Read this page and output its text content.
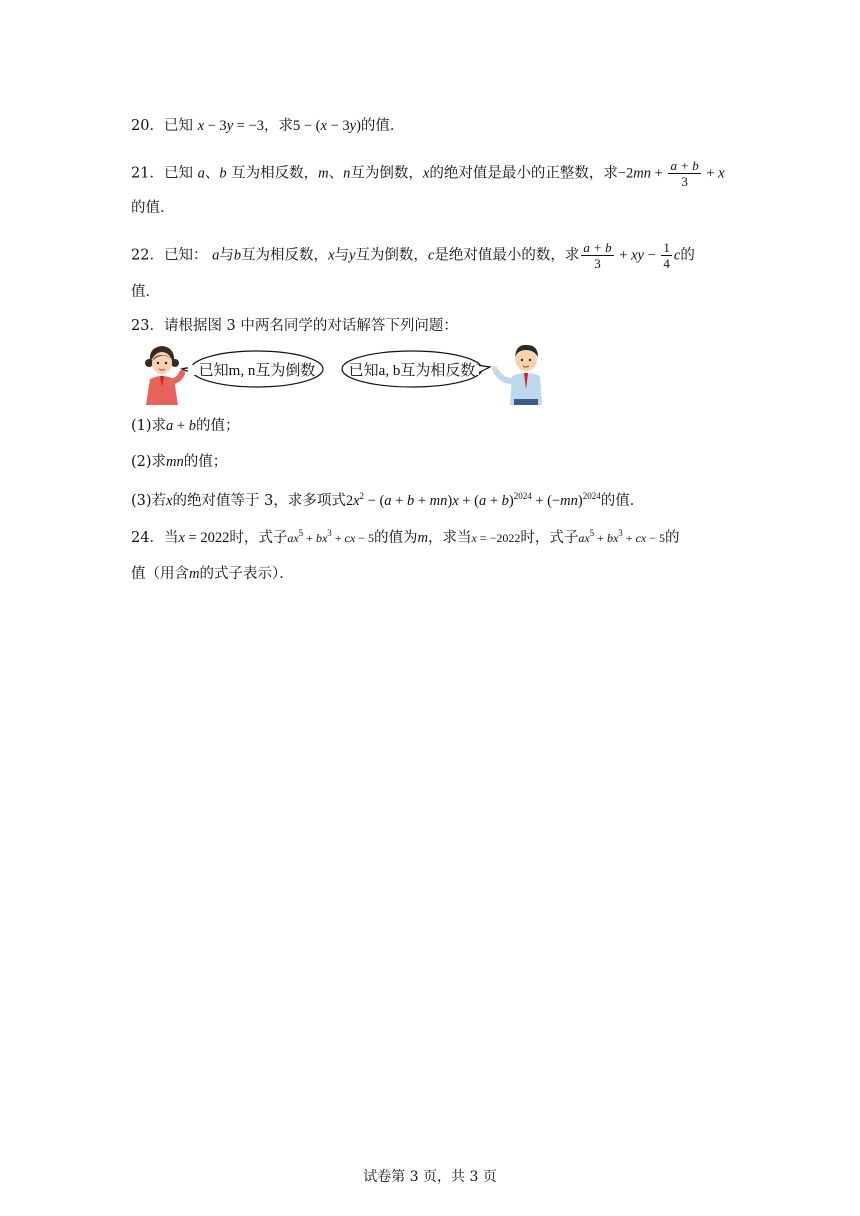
20．已知 x − 3y = −3，求5 − (x − 3y)的值．
21．已知 a、b 互为相反数，m、n互为倒数，x的绝对值是最小的正整数，求$-2mn + \frac{a + b}{3} + x$
的值．
22．已知： a与b互为相反数，x与y互为倒数，c是绝对值最小的数，求 $\frac{a + b}{3}$ + xy − $\frac{1}{4}$ c的
值．
23．请根据图 3 中两名同学的对话解答下列问题：
已知m, n互为倒数 已知a, b互为相反数
(1)求a + b的值；
(2)求mn的值；
(3)若x的绝对值等于 3，求多项式$2x^2 - (a + b + mn)x + (a + b)^{2024} + (-mn)^{2024}$的值．
24．当x = 2022时，式子$ax^5 + bx^3$ + cx − 5的值为m，求当x = −2022时，式子$ax^5 + bx^3$ + cx − 5的
值（用含m的式子表示）．
试卷第 3 页，共 3 页
